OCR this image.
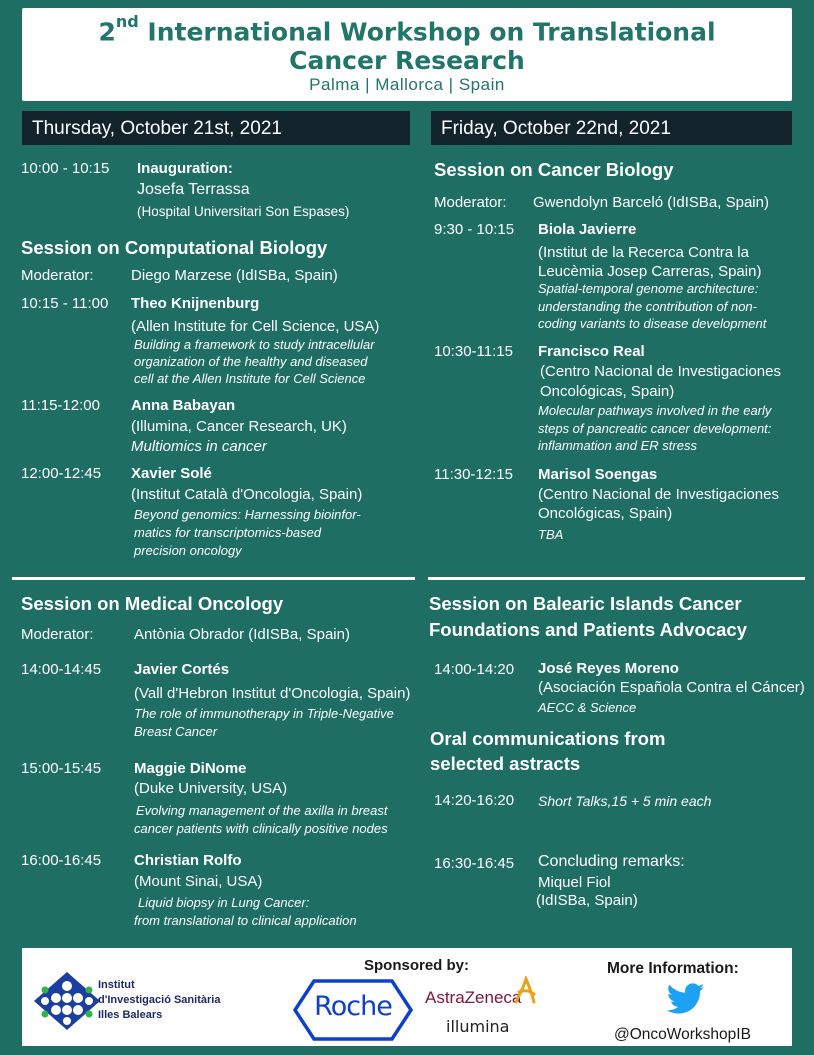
2nd International Workshop on Translational
Cancer Research
Palma | Mallorca | Spain
Thursday, October 21st, 2021	Friday, October 22nd, 2021
10:00 - 10:15 Inauguration:
Josefa Terrassa
(Hospital Universitari Son Espases)
Session on Computational Biology
Moderator: Diego Marzese (IdISBa, Spain)
10:15 - 11:00 Theo Knijnenburg
(Allen Institute for Cell Science, USA)
Building a framework to study intracellular
organization of the healthy and diseased
cell at the Allen Institute for Cell Science
11:15-12:00 Anna Babayan
(Illumina, Cancer Research, UK)
Multiomics in cancer
12:00-12:45 Xavier Solé
(Institut Català d'Oncologia, Spain)
Beyond genomics: Harnessing bioinfor-
matics for transcriptomics-based
precision oncology
Session on Medical Oncology
Moderator:	Antònia Obrador (IdISBa, Spain)
14:00-14:45 Javier Cortés
(Vall d'Hebron Institut d'Oncologia, Spain)
The role of immunotherapy in Triple-Negative
Breast Cancer
15:00-15:45 Maggie DiNome
(Duke University, USA)
Evolving management of the axilla in breast
cancer patients with clinically positive nodes
16:00-16:45 Christian Rolfo
(Mount Sinai, USA)
Liquid biopsy in Lung Cancer:
from translational to clinical application
Session on Cancer Biology
Moderator: Gwendolyn Barceló (IdISBa, Spain)
9:30 - 10:15 Biola Javierre
(Institut de la Recerca Contra la
Leucèmia Josep Carreras, Spain)
Spatial-temporal genome architecture:
understanding the contribution of non-
coding variants to disease development
10:30-11:15 Francisco Real
(Centro Nacional de Investigaciones
Oncológicas, Spain)
Molecular pathways involved in the early
steps of pancreatic cancer development:
inflammation and ER stress
11:30-12:15 Marisol Soengas
(Centro Nacional de Investigaciones
Oncológicas, Spain)
TBA
Session on Balearic Islands Cancer
Foundations and Patients Advocacy
14:00-14:20 José Reyes Moreno
(Asociación Española Contra el Cáncer)
AECC & Science
Oral communications from
selected astracts
14:20-16:20 Short Talks,15 + 5 min each
16:30-16:45 Concluding remarks:
Miquel Fiol
(IdISBa, Spain)
Institut
d'Investigació Sanitària
Illes Balears
Sponsored by:
Roche	AstraZeneca
illumina
More Information:
@OncoWorkshopIB
